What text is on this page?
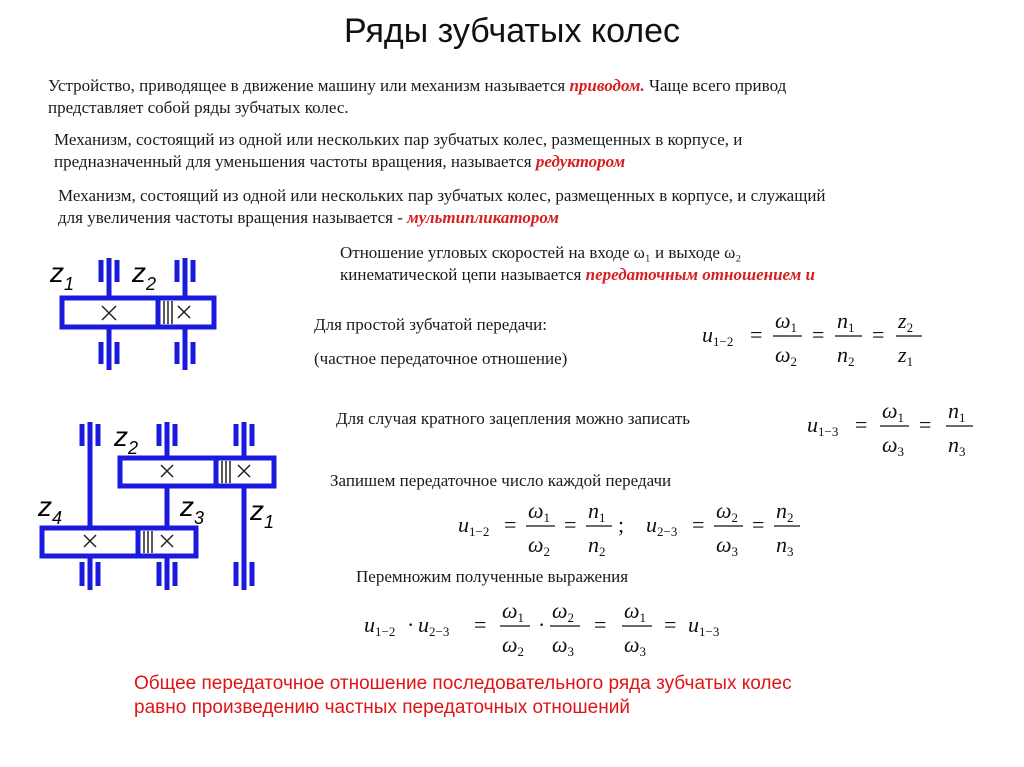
Ряды зубчатых колес
Устройство, приводящее в движение машину или механизм называется приводом. Чаще всего привод
представляет собой ряды зубчатых колес.
Механизм, состоящий из одной или нескольких пар зубчатых колес, размещенных в корпусе, и
предназначенный для уменьшения частоты вращения, называется редуктором
Механизм, состоящий из одной или нескольких пар зубчатых колес, размещенных в корпусе, и служащий
для увеличения частоты вращения называется - мультипликатором
Отношение угловых скоростей на входе ω₁ и выходе ω₂
кинематической цепи называется передаточным отношением u
Для простой зубчатой передачи:
(частное передаточное отношение)
Для случая кратного зацепления можно записать
Запишем передаточное число каждой передачи
Перемножим полученные выражения
Общее передаточное отношение последовательного ряда зубчатых колес
равно произведению частных передаточных отношений
$z_1$ $z_2$
$z_2$
$z_4$	$z_3$ $z_1$
u1−2 =
ω1
ω2
=
n1
n2
=
z2
z1
u1−3 =
ω1
ω3
=
n1
n3
u1−2 =
ω1
ω2
=
n1
n2
; u2−3 =
ω2
ω3
=
n2
n3
u1−2 · u2−3 =
ω1
ω2
·
ω2
ω3
=
ω1
ω3
= u1−3
